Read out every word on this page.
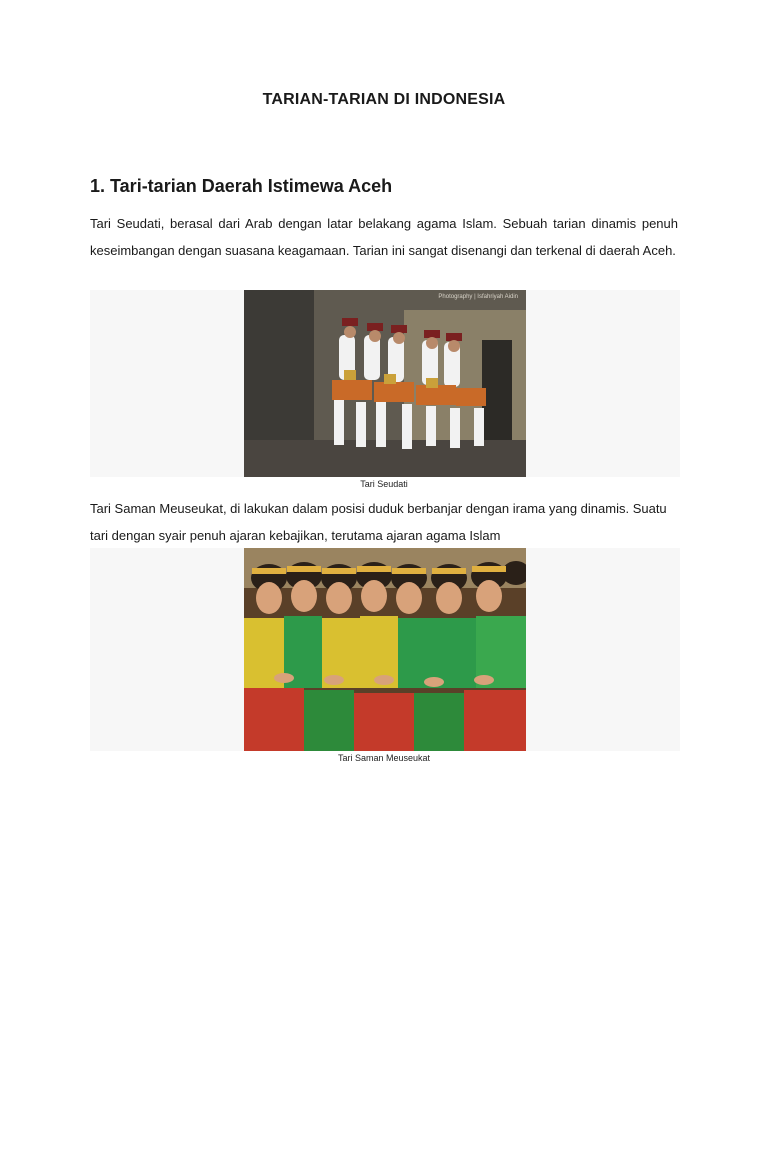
TARIAN-TARIAN DI INDONESIA
1. Tari-tarian Daerah Istimewa Aceh
Tari Seudati, berasal dari Arab dengan latar belakang agama Islam. Sebuah tarian dinamis penuh keseimbangan dengan suasana keagamaan. Tarian ini sangat disenangi dan terkenal di daerah Aceh.
Photography | Isfahriyah Aidin
Tari Seudati
Tari Saman Meuseukat, di lakukan dalam posisi duduk berbanjar dengan irama yang dinamis. Suatu tari dengan syair penuh ajaran kebajikan, terutama ajaran agama Islam
Tari Saman Meuseukat
